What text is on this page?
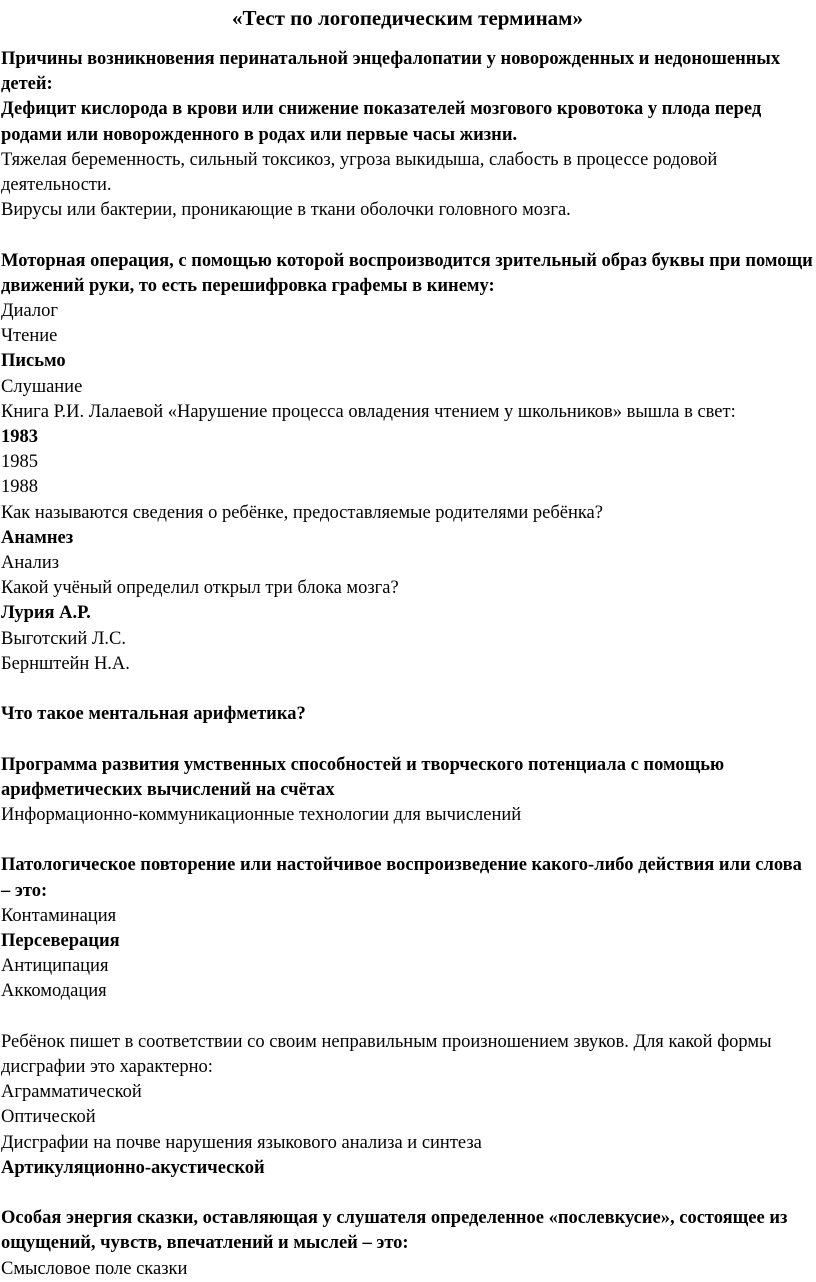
«Тест по логопедическим терминам»
Причины возникновения перинатальной энцефалопатии у новорожденных и недоношенных детей:
Дефицит кислорода в крови или снижение показателей мозгового кровотока у плода перед родами или новорожденного в родах или первые часы жизни.
Тяжелая беременность, сильный токсикоз, угроза выкидыша, слабость в процессе родовой деятельности.
Вирусы или бактерии, проникающие в ткани оболочки головного мозга.
Моторная операция, с помощью которой воспроизводится зрительный образ буквы при помощи движений руки, то есть перешифровка графемы в кинему:
Диалог
Чтение
Письмо
Слушание
Книга Р.И. Лалаевой «Нарушение процесса овладения чтением у школьников» вышла в свет:
1983
1985
1988
Как называются сведения о ребёнке, предоставляемые родителями ребёнка?
Анамнез
Анализ
Какой учёный определил открыл три блока мозга?
Лурия А.Р.
Выготский Л.С.
Бернштейн Н.А.
Что такое ментальная арифметика?
Программа развития умственных способностей и творческого потенциала с помощью арифметических вычислений на счётах
Информационно-коммуникационные технологии для вычислений
Патологическое повторение или настойчивое воспроизведение какого-либо действия или слова – это:
Контаминация
Персеверация
Антиципация
Аккомодация
Ребёнок пишет в соответствии со своим неправильным произношением звуков. Для какой формы дисграфии это характерно:
Аграмматической
Оптической
Дисграфии на почве нарушения языкового анализа и синтеза
Артикуляционно-акустической
Особая энергия сказки, оставляющая у слушателя определенное «послевкусие», состоящее из ощущений, чувств, впечатлений и мыслей – это:
Смысловое поле сказки
